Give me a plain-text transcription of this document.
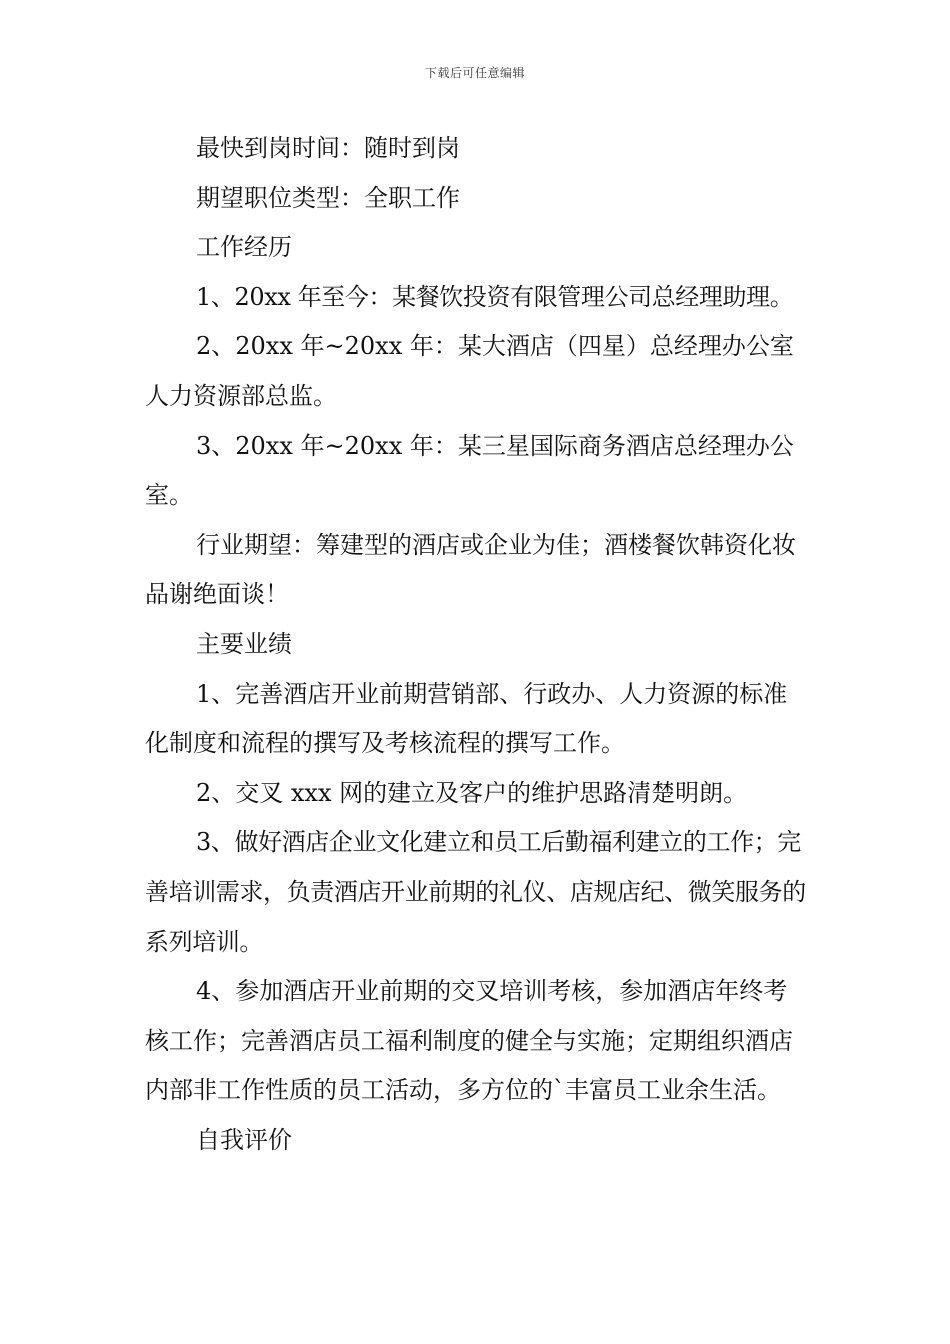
下载后可任意编辑

最快到岗时间：随时到岗

期望职位类型：全职工作

工作经历

1、20xx 年至今：某餐饮投资有限管理公司总经理助理。

2、20xx 年~20xx 年：某大酒店（四星）总经理办公室人力资源部总监。

3、20xx 年~20xx 年：某三星国际商务酒店总经理办公室。

行业期望：筹建型的酒店或企业为佳；酒楼餐饮韩资化妆品谢绝面谈！

主要业绩

1、完善酒店开业前期营销部、行政办、人力资源的标准化制度和流程的撰写及考核流程的撰写工作。

2、交叉 xxx 网的建立及客户的维护思路清楚明朗。

3、做好酒店企业文化建立和员工后勤福利建立的工作；完善培训需求，负责酒店开业前期的礼仪、店规店纪、微笑服务的系列培训。

4、参加酒店开业前期的交叉培训考核，参加酒店年终考核工作；完善酒店员工福利制度的健全与实施；定期组织酒店内部非工作性质的员工活动，多方位的`丰富员工业余生活。

自我评价
